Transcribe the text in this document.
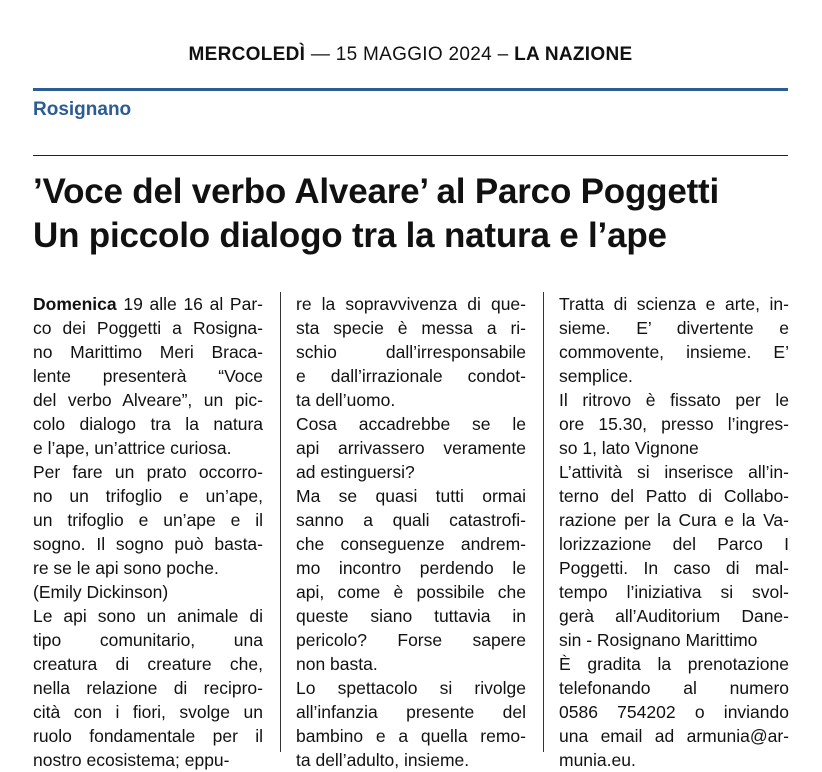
MERCOLEDÌ — 15 MAGGIO 2024 – LA NAZIONE
Rosignano
’Voce del verbo Alveare’ al Parco Poggetti
Un piccolo dialogo tra la natura e l’ape
Domenica 19 alle 16 al Par-
co dei Poggetti a Rosigna-
no Marittimo Meri Braca-
lente presenterà “Voce
del verbo Alveare”, un pic-
colo dialogo tra la natura
e l’ape, un’attrice curiosa.
Per fare un prato occorro-
no un trifoglio e un’ape,
un trifoglio e un’ape e il
sogno. Il sogno può basta-
re se le api sono poche.
(Emily Dickinson)
Le api sono un animale di
tipo comunitario, una
creatura di creature che,
nella relazione di recipro-
cità con i fiori, svolge un
ruolo fondamentale per il
nostro ecosistema; eppu-
re la sopravvivenza di que-
sta specie è messa a ri-
schio dall’irresponsabile
e dall’irrazionale condot-
ta dell’uomo.
Cosa accadrebbe se le
api arrivassero veramente
ad estinguersi?
Ma se quasi tutti ormai
sanno a quali catastrofi-
che conseguenze andrem-
mo incontro perdendo le
api, come è possibile che
queste siano tuttavia in
pericolo? Forse sapere
non basta.
Lo spettacolo si rivolge
all’infanzia presente del
bambino e a quella remo-
ta dell’adulto, insieme.
Tratta di scienza e arte, in-
sieme. E’ divertente e
commovente, insieme. E’
semplice.
Il ritrovo è fissato per le
ore 15.30, presso l’ingres-
so 1, lato Vignone
L’attività si inserisce all’in-
terno del Patto di Collabo-
razione per la Cura e la Va-
lorizzazione del Parco I
Poggetti. In caso di mal-
tempo l’iniziativa si svol-
gerà all’Auditorium Dane-
sin - Rosignano Marittimo
È gradita la prenotazione
telefonando al numero
0586 754202 o inviando
una email ad armunia@ar-
munia.eu.
